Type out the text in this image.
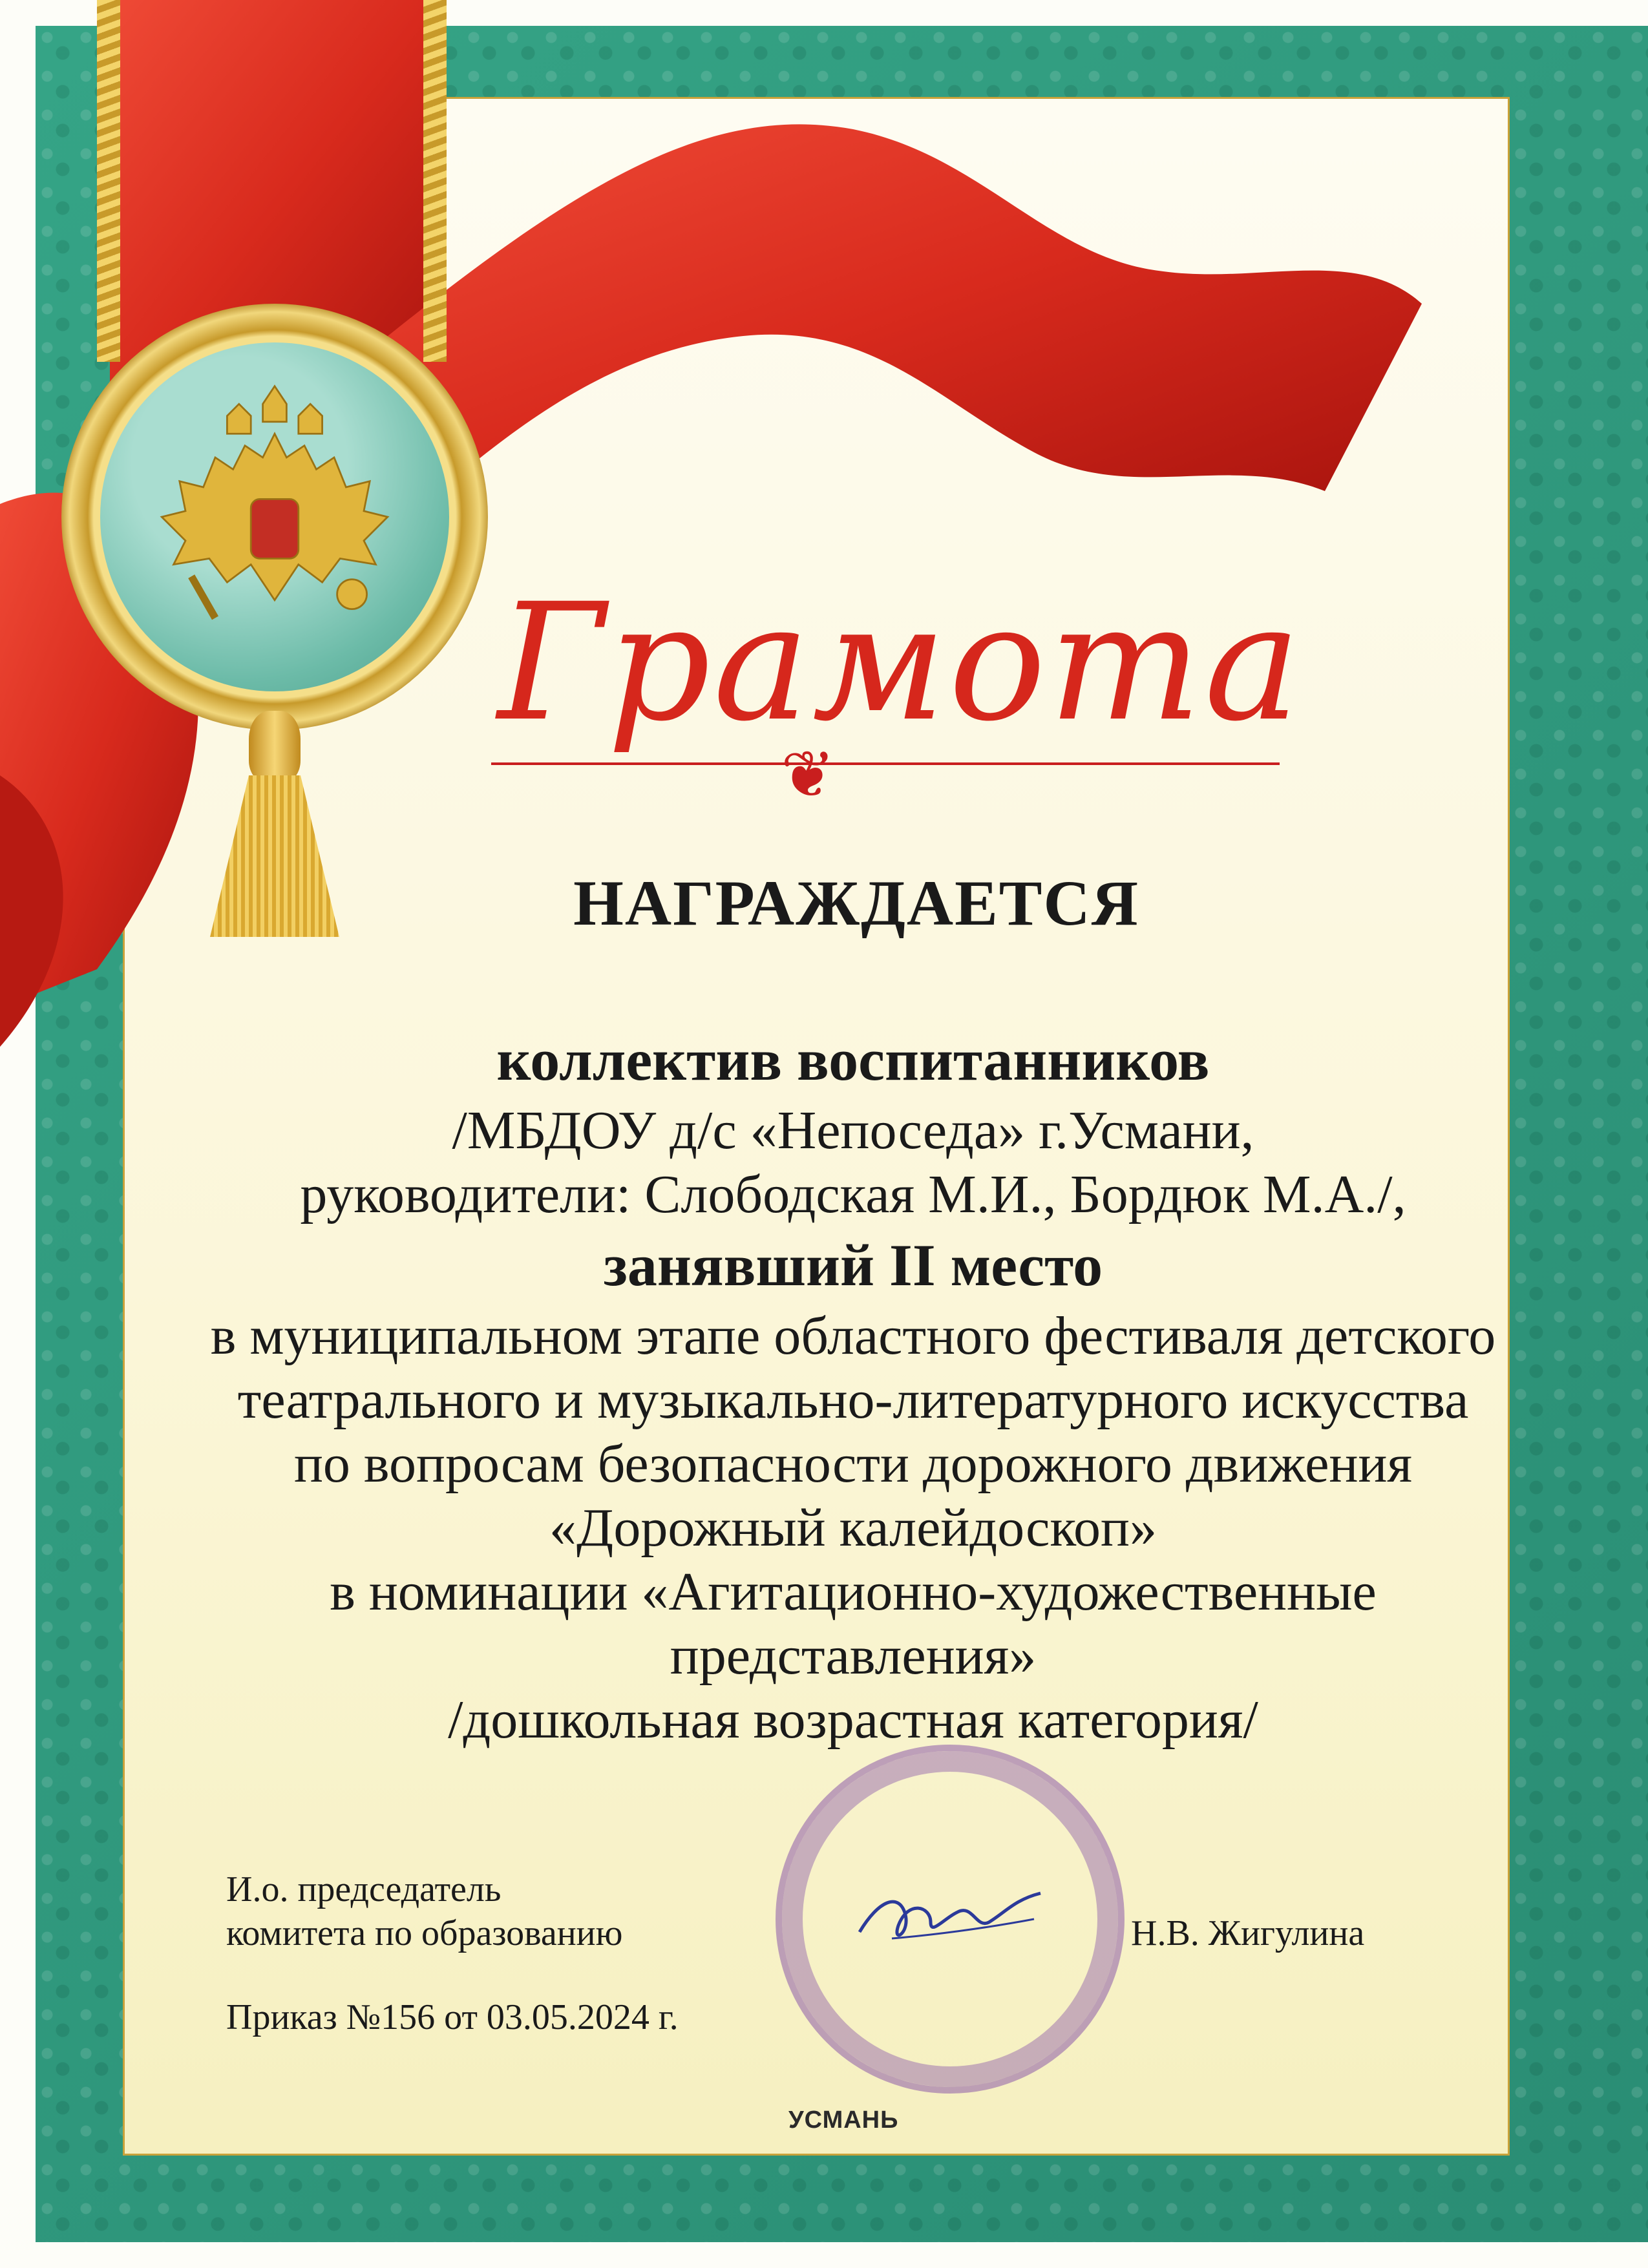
Грамота
❦
НАГРАЖДАЕТСЯ
коллектив воспитанников
/МБДОУ д/с «Непоседа» г.Усмани,
руководители: Слободская М.И., Бордюк М.А./,
занявший II место
в муниципальном этапе областного фестиваля детского
театрального и музыкально-литературного искусства
по вопросам безопасности дорожного движения
«Дорожный калейдоскоп»
в номинации «Агитационно-художественные
представления»
/дошкольная возрастная категория/
И.о. председатель
комитета по образованию
Приказ №156 от 03.05.2024 г.
Н.В. Жигулина
УСМАНЬ
